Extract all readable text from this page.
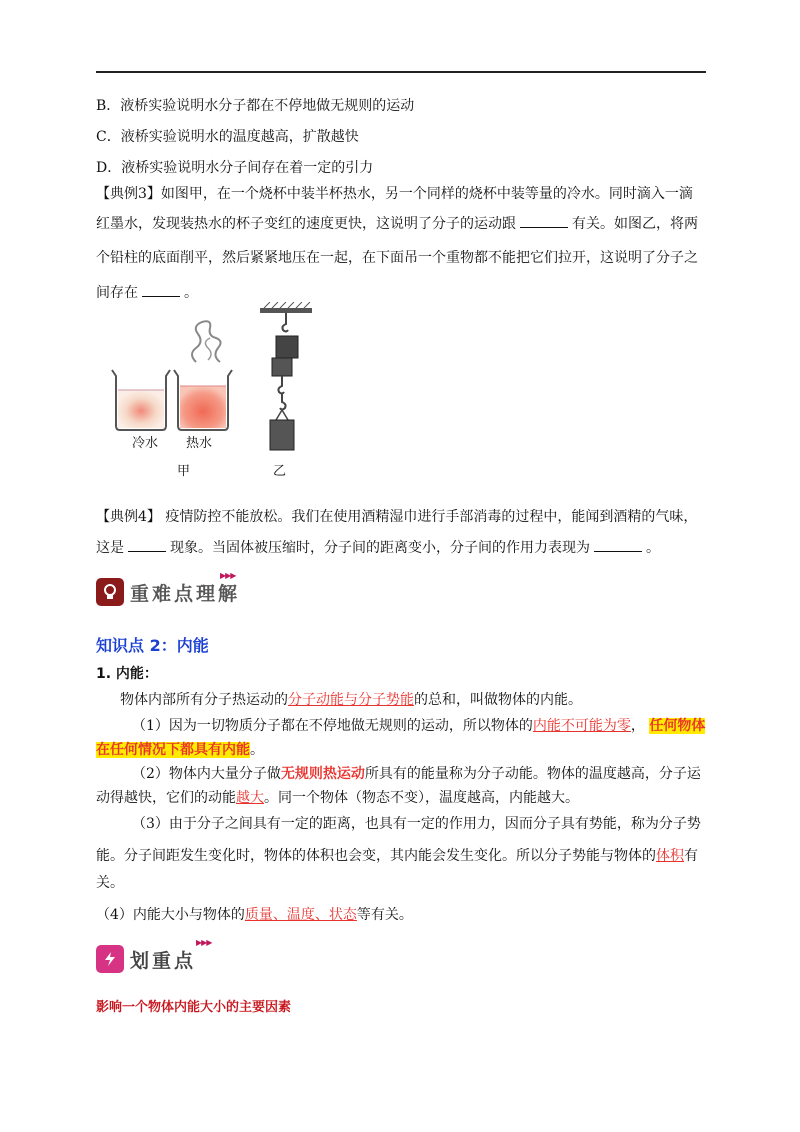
B．液桥实验说明水分子都在不停地做无规则的运动
C．液桥实验说明水的温度越高，扩散越快
D．液桥实验说明水分子间存在着一定的引力
【典例3】如图甲，在一个烧杯中装半杯热水，另一个同样的烧杯中装等量的冷水。同时滴入一滴
红墨水，发现装热水的杯子变红的速度更快，这说明了分子的运动跟	有关。如图乙，将两
个铅柱的底面削平，然后紧紧地压在一起，在下面吊一个重物都不能把它们拉开，这说明了分子之
间存在	。
冷水 热水
甲	乙
【典例4】 疫情防控不能放松。我们在使用酒精湿巾进行手部消毒的过程中，能闻到酒精的气味，
这是	现象。当固体被压缩时，分子间的距离变小，分子间的作用力表现为	。
重难点理解
▶▶▶
知识点 2：内能
1. 内能：
物体内部所有分子热运动的分子动能与分子势能的总和，叫做物体的内能。
（1）因为一切物质分子都在不停地做无规则的运动，所以物体的内能不可能为零， 任何物体
在任何情况下都具有内能。
（2）物体内大量分子做无规则热运动所具有的能量称为分子动能。物体的温度越高，分子运
动得越快，它们的动能越大。同一个物体（物态不变），温度越高，内能越大。
（3）由于分子之间具有一定的距离，也具有一定的作用力，因而分子具有势能，称为分子势
能。分子间距发生变化时，物体的体积也会变，其内能会发生变化。所以分子势能与物体的体积有
关。
（4）内能大小与物体的质量、温度、状态等有关。
划重点
▶▶▶
影响一个物体内能大小的主要因素
